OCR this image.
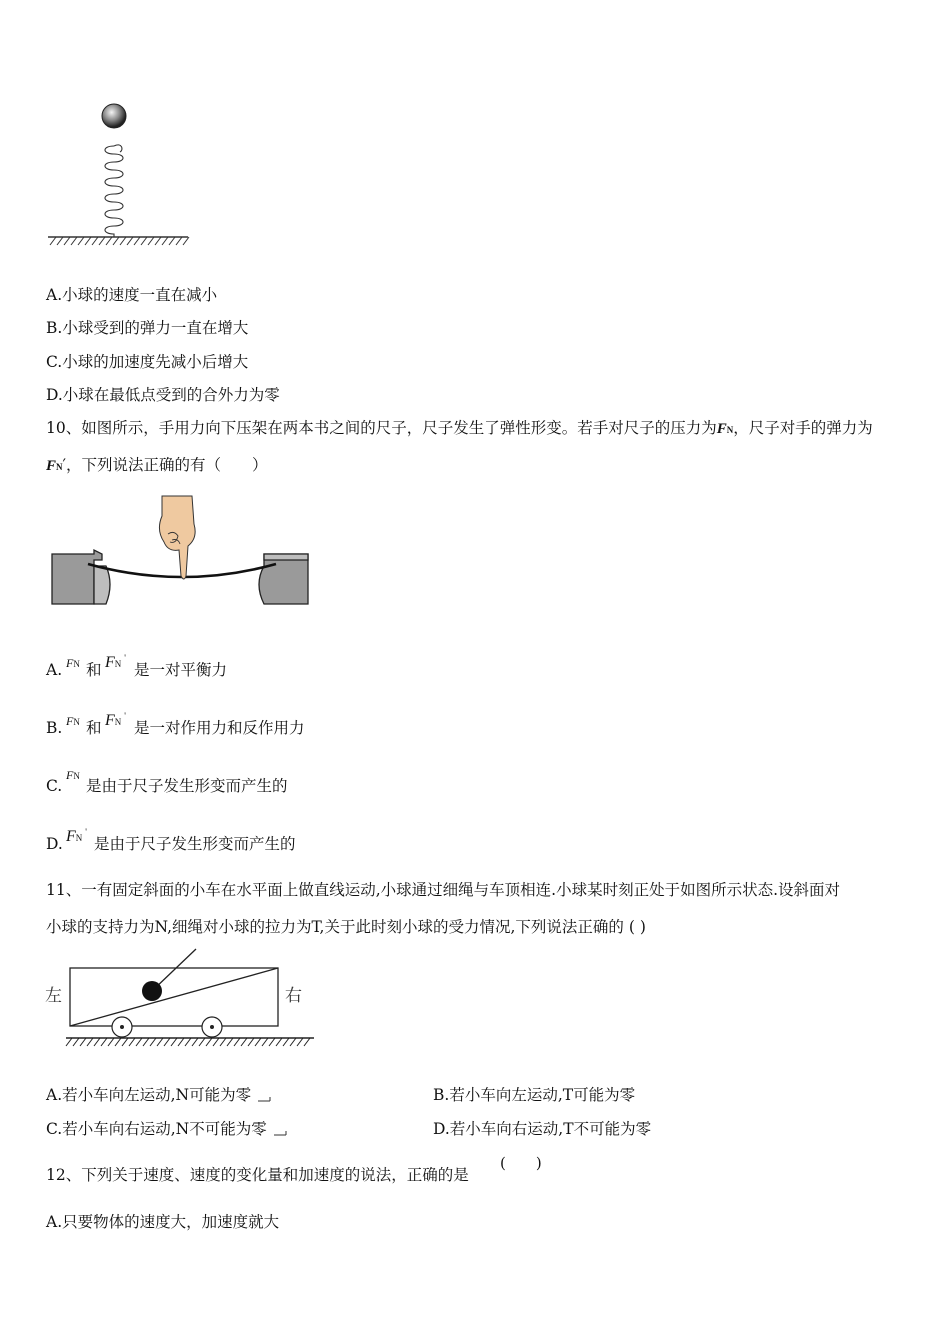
A.小球的速度一直在减小
B.小球受到的弹力一直在增大
C.小球的加速度先减小后增大
D.小球在最低点受到的合外力为零
10、如图所示，手用力向下压架在两本书之间的尺子，尺子发生了弹性形变。若手对尺子的压力为FN，尺子对手的弹力为
FN′，下列说法正确的有（　　）
A. FN 和 FN'
是一对平衡力
B. FN 和 FN'
是一对作用力和反作用力
C.
FN
是由于尺子发生形变而产生的
D. FN'
是由于尺子发生形变而产生的
11、一有固定斜面的小车在水平面上做直线运动,小球通过细绳与车顶相连.小球某时刻正处于如图所示状态.设斜面对
小球的支持力为N,细绳对小球的拉力为T,关于此时刻小球的受力情况,下列说法正确的 ( )
左	右
A.若小车向左运动,N可能为零	B.若小车向左运动,T可能为零
C.若小车向右运动,N不可能为零	D.若小车向右运动,T不可能为零
12、下列关于速度、速度的变化量和加速度的说法，正确的是
(　　)
A.只要物体的速度大，加速度就大
